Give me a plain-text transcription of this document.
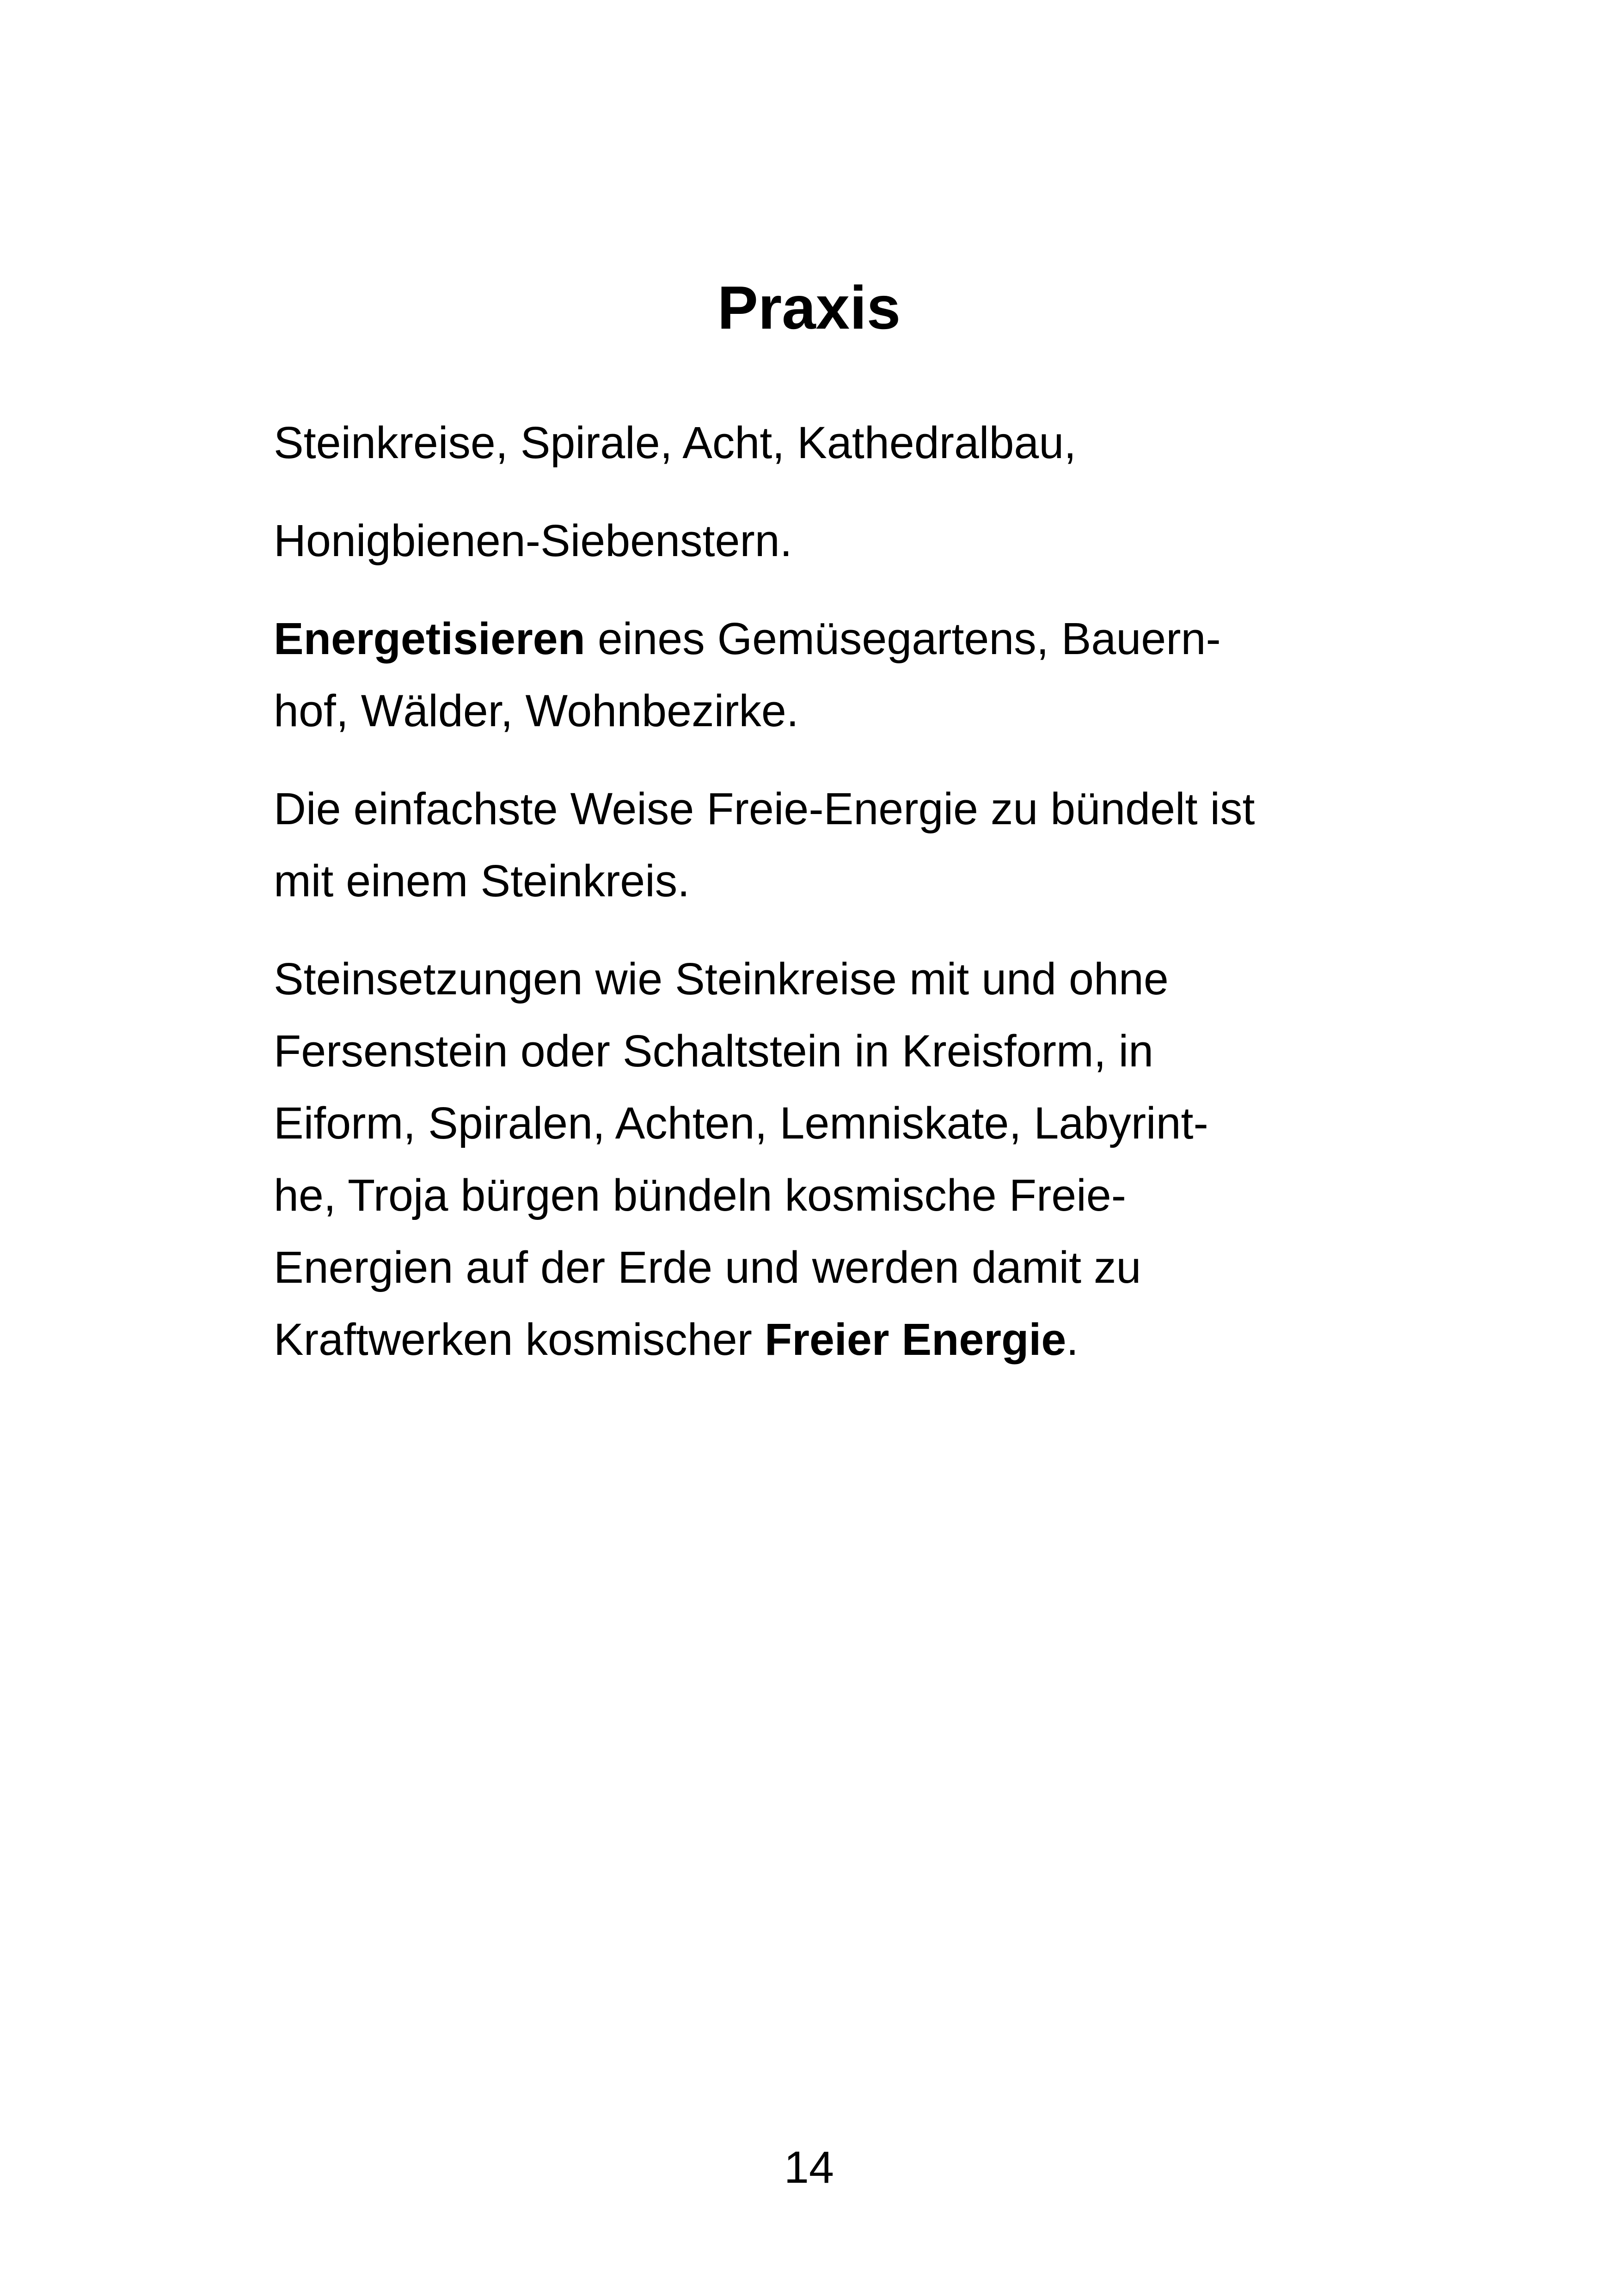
Praxis

Steinkreise, Spirale, Acht, Kathedralbau,

Honigbienen-Siebenstern.

Energetisieren eines Gemüsegartens, Bauern-
hof, Wälder, Wohnbezirke.

Die einfachste Weise Freie-Energie zu bündelt ist
mit einem Steinkreis.

Steinsetzungen wie Steinkreise mit und ohne
Fersenstein oder Schaltstein in Kreisform, in
Eiform, Spiralen, Achten, Lemniskate, Labyrint-
he, Troja bürgen bündeln kosmische Freie-
Energien auf der Erde und werden damit zu
Kraftwerken kosmischer Freier Energie.

14
